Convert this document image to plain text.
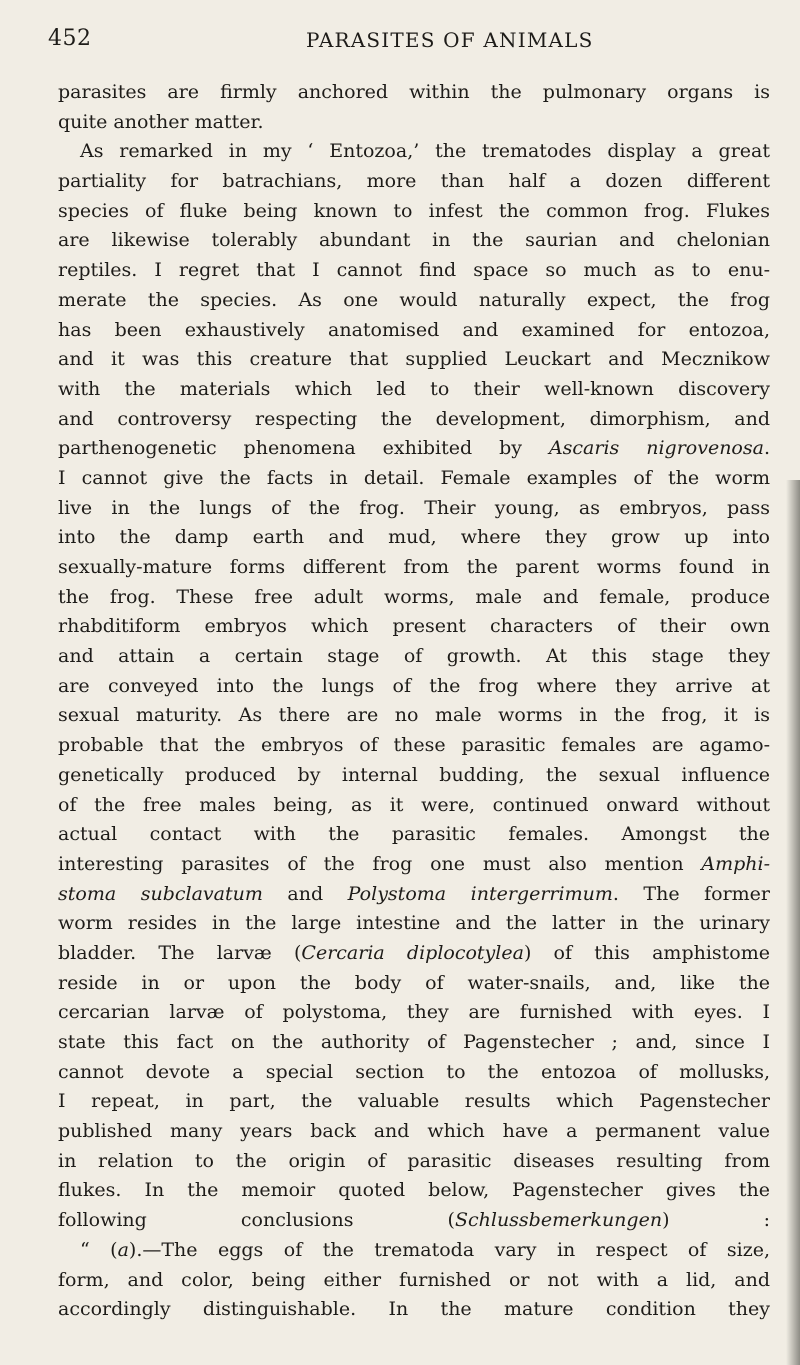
452	PARASITES OF ANIMALS
parasites are firmly anchored within the pulmonary organs is
quite another matter.
As remarked in my ‘ Entozoa,’ the trematodes display a great
partiality for batrachians, more than half a dozen different
species of fluke being known to infest the common frog. Flukes
are likewise tolerably abundant in the saurian and chelonian
reptiles. I regret that I cannot find space so much as to enu-
merate the species. As one would naturally expect, the frog
has been exhaustively anatomised and examined for entozoa,
and it was this creature that supplied Leuckart and Mecznikow
with the materials which led to their well-known discovery
and controversy respecting the development, dimorphism, and
parthenogenetic phenomena exhibited by Ascaris nigrovenosa.
I cannot give the facts in detail. Female examples of the worm
live in the lungs of the frog. Their young, as embryos, pass
into the damp earth and mud, where they grow up into
sexually-mature forms different from the parent worms found in
the frog. These free adult worms, male and female, produce
rhabditiform embryos which present characters of their own
and attain a certain stage of growth. At this stage they
are conveyed into the lungs of the frog where they arrive at
sexual maturity. As there are no male worms in the frog, it is
probable that the embryos of these parasitic females are agamo-
genetically produced by internal budding, the sexual influence
of the free males being, as it were, continued onward without
actual contact with the parasitic females. Amongst the
interesting parasites of the frog one must also mention Amphi-
stoma subclavatum and Polystoma intergerrimum. The former
worm resides in the large intestine and the latter in the urinary
bladder. The larvæ (Cercaria diplocotylea) of this amphistome
reside in or upon the body of water-snails, and, like the
cercarian larvæ of polystoma, they are furnished with eyes. I
state this fact on the authority of Pagenstecher ; and, since I
cannot devote a special section to the entozoa of mollusks,
I repeat, in part, the valuable results which Pagenstecher
published many years back and which have a permanent value
in relation to the origin of parasitic diseases resulting from
flukes. In the memoir quoted below, Pagenstecher gives the
following conclusions (Schlussbemerkungen) :
“ (a).—The eggs of the trematoda vary in respect of size,
form, and color, being either furnished or not with a lid, and
accordingly distinguishable. In the mature condition they
